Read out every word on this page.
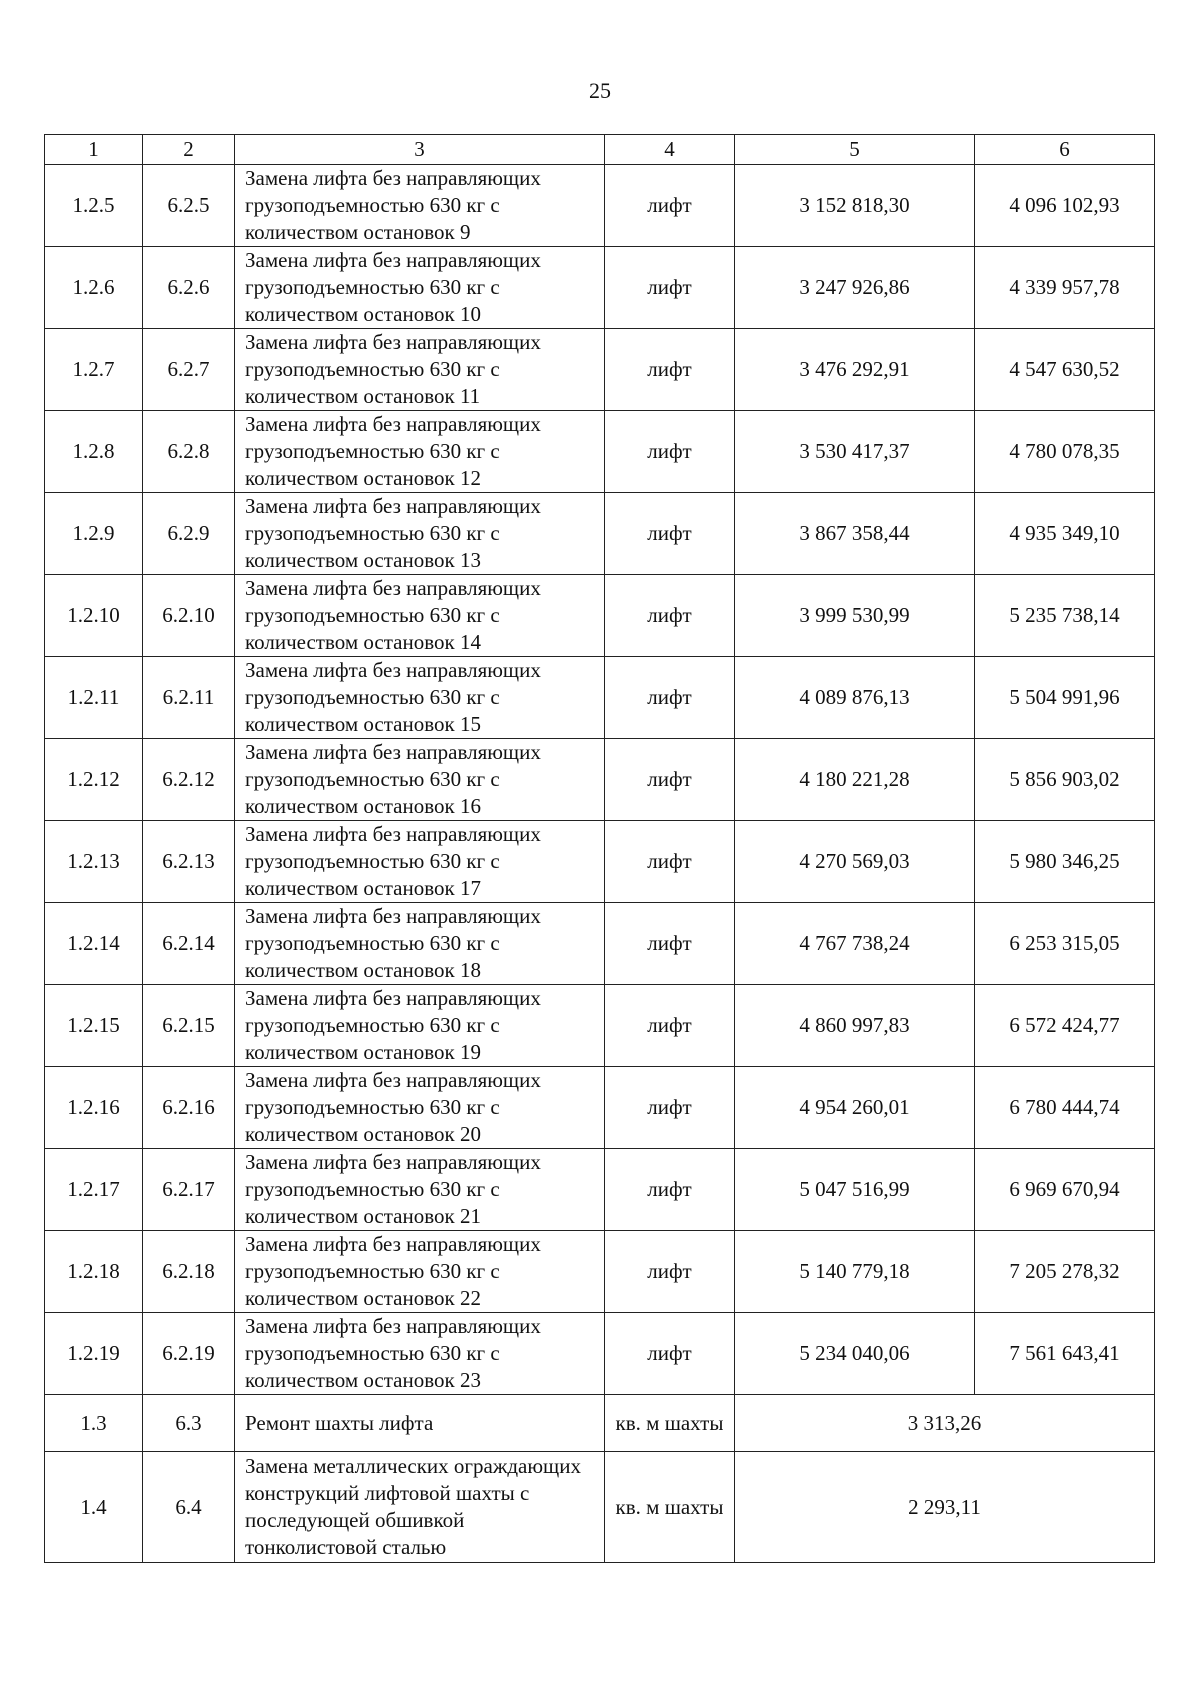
25
1	2	3	4	5	6
1.2.5	6.2.5	Замена лифта без направляющих грузоподъемностью 630 кг с количеством остановок 9	лифт	3 152 818,30	4 096 102,93
1.2.6	6.2.6	Замена лифта без направляющих грузоподъемностью 630 кг с количеством остановок 10	лифт	3 247 926,86	4 339 957,78
1.2.7	6.2.7	Замена лифта без направляющих грузоподъемностью 630 кг с количеством остановок 11	лифт	3 476 292,91	4 547 630,52
1.2.8	6.2.8	Замена лифта без направляющих грузоподъемностью 630 кг с количеством остановок 12	лифт	3 530 417,37	4 780 078,35
1.2.9	6.2.9	Замена лифта без направляющих грузоподъемностью 630 кг с количеством остановок 13	лифт	3 867 358,44	4 935 349,10
1.2.10	6.2.10	Замена лифта без направляющих грузоподъемностью 630 кг с количеством остановок 14	лифт	3 999 530,99	5 235 738,14
1.2.11	6.2.11	Замена лифта без направляющих грузоподъемностью 630 кг с количеством остановок 15	лифт	4 089 876,13	5 504 991,96
1.2.12	6.2.12	Замена лифта без направляющих грузоподъемностью 630 кг с количеством остановок 16	лифт	4 180 221,28	5 856 903,02
1.2.13	6.2.13	Замена лифта без направляющих грузоподъемностью 630 кг с количеством остановок 17	лифт	4 270 569,03	5 980 346,25
1.2.14	6.2.14	Замена лифта без направляющих грузоподъемностью 630 кг с количеством остановок 18	лифт	4 767 738,24	6 253 315,05
1.2.15	6.2.15	Замена лифта без направляющих грузоподъемностью 630 кг с количеством остановок 19	лифт	4 860 997,83	6 572 424,77
1.2.16	6.2.16	Замена лифта без направляющих грузоподъемностью 630 кг с количеством остановок 20	лифт	4 954 260,01	6 780 444,74
1.2.17	6.2.17	Замена лифта без направляющих грузоподъемностью 630 кг с количеством остановок 21	лифт	5 047 516,99	6 969 670,94
1.2.18	6.2.18	Замена лифта без направляющих грузоподъемностью 630 кг с количеством остановок 22	лифт	5 140 779,18	7 205 278,32
1.2.19	6.2.19	Замена лифта без направляющих грузоподъемностью 630 кг с количеством остановок 23	лифт	5 234 040,06	7 561 643,41
1.3	6.3	Ремонт шахты лифта	кв. м шахты	3 313,26	
1.4	6.4	Замена металлических ограждающих конструкций лифтовой шахты с последующей обшивкой тонколистовой сталью	кв. м шахты	2 293,11	
